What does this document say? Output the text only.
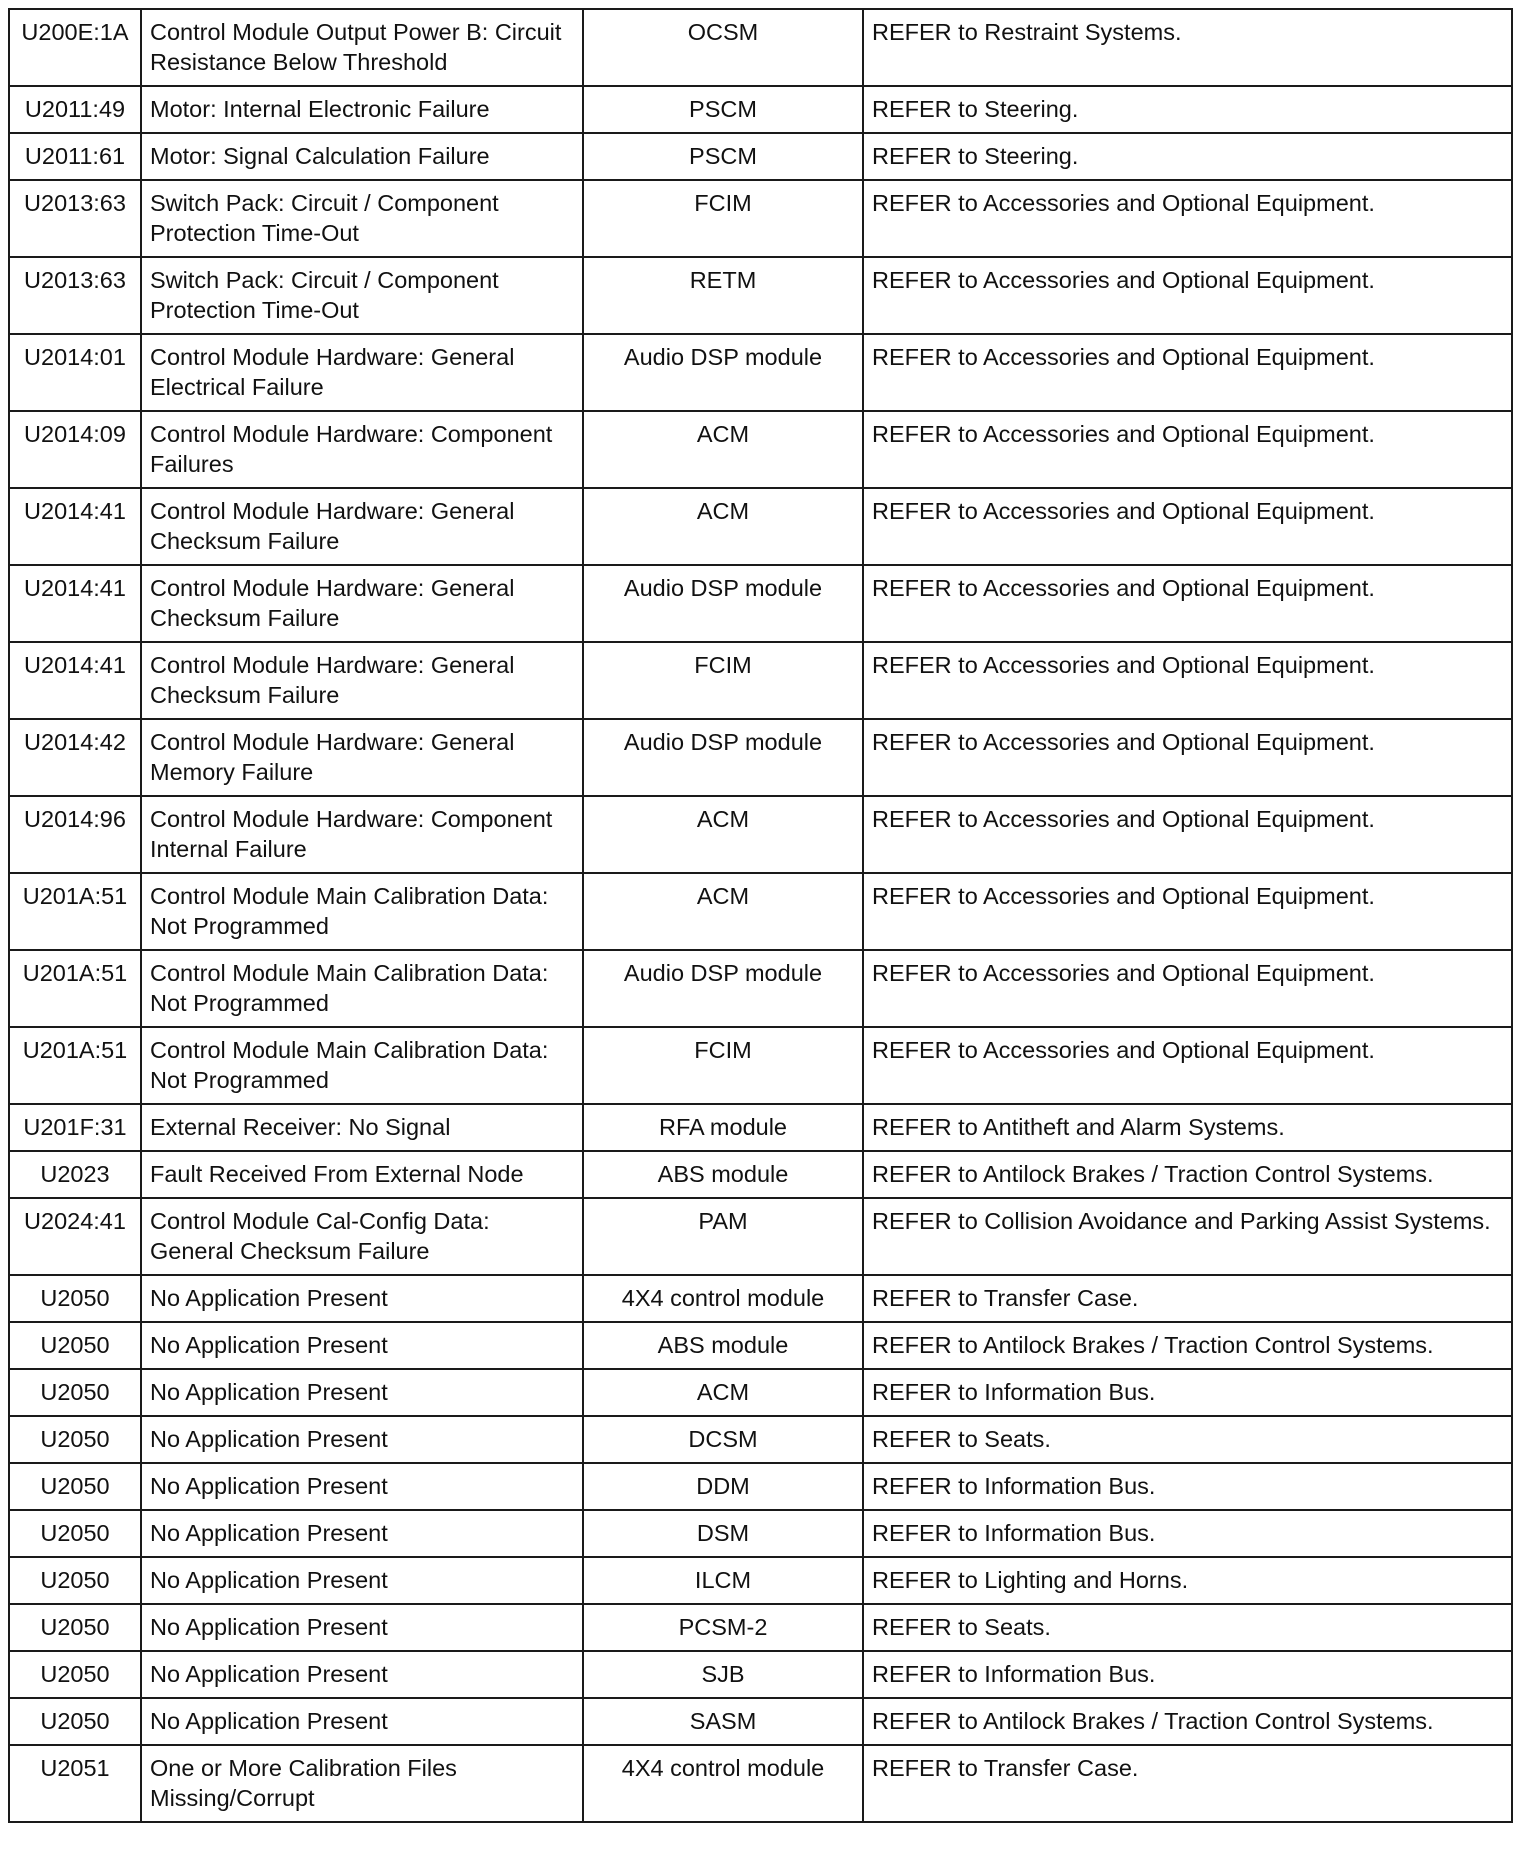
U200E:1A	Control Module Output Power B: Circuit Resistance Below Threshold	OCSM	REFER to Restraint Systems.
U2011:49	Motor: Internal Electronic Failure	PSCM	REFER to Steering.
U2011:61	Motor: Signal Calculation Failure	PSCM	REFER to Steering.
U2013:63	Switch Pack: Circuit / Component Protection Time-Out	FCIM	REFER to Accessories and Optional Equipment.
U2013:63	Switch Pack: Circuit / Component Protection Time-Out	RETM	REFER to Accessories and Optional Equipment.
U2014:01	Control Module Hardware: General Electrical Failure	Audio DSP module	REFER to Accessories and Optional Equipment.
U2014:09	Control Module Hardware: Component Failures	ACM	REFER to Accessories and Optional Equipment.
U2014:41	Control Module Hardware: General Checksum Failure	ACM	REFER to Accessories and Optional Equipment.
U2014:41	Control Module Hardware: General Checksum Failure	Audio DSP module	REFER to Accessories and Optional Equipment.
U2014:41	Control Module Hardware: General Checksum Failure	FCIM	REFER to Accessories and Optional Equipment.
U2014:42	Control Module Hardware: General Memory Failure	Audio DSP module	REFER to Accessories and Optional Equipment.
U2014:96	Control Module Hardware: Component Internal Failure	ACM	REFER to Accessories and Optional Equipment.
U201A:51	Control Module Main Calibration Data: Not Programmed	ACM	REFER to Accessories and Optional Equipment.
U201A:51	Control Module Main Calibration Data: Not Programmed	Audio DSP module	REFER to Accessories and Optional Equipment.
U201A:51	Control Module Main Calibration Data: Not Programmed	FCIM	REFER to Accessories and Optional Equipment.
U201F:31	External Receiver: No Signal	RFA module	REFER to Antitheft and Alarm Systems.
U2023	Fault Received From External Node	ABS module	REFER to Antilock Brakes / Traction Control Systems.
U2024:41	Control Module Cal-Config Data: General Checksum Failure	PAM	REFER to Collision Avoidance and Parking Assist Systems.
U2050	No Application Present	4X4 control module	REFER to Transfer Case.
U2050	No Application Present	ABS module	REFER to Antilock Brakes / Traction Control Systems.
U2050	No Application Present	ACM	REFER to Information Bus.
U2050	No Application Present	DCSM	REFER to Seats.
U2050	No Application Present	DDM	REFER to Information Bus.
U2050	No Application Present	DSM	REFER to Information Bus.
U2050	No Application Present	ILCM	REFER to Lighting and Horns.
U2050	No Application Present	PCSM-2	REFER to Seats.
U2050	No Application Present	SJB	REFER to Information Bus.
U2050	No Application Present	SASM	REFER to Antilock Brakes / Traction Control Systems.
U2051	One or More Calibration Files Missing/Corrupt	4X4 control module	REFER to Transfer Case.
